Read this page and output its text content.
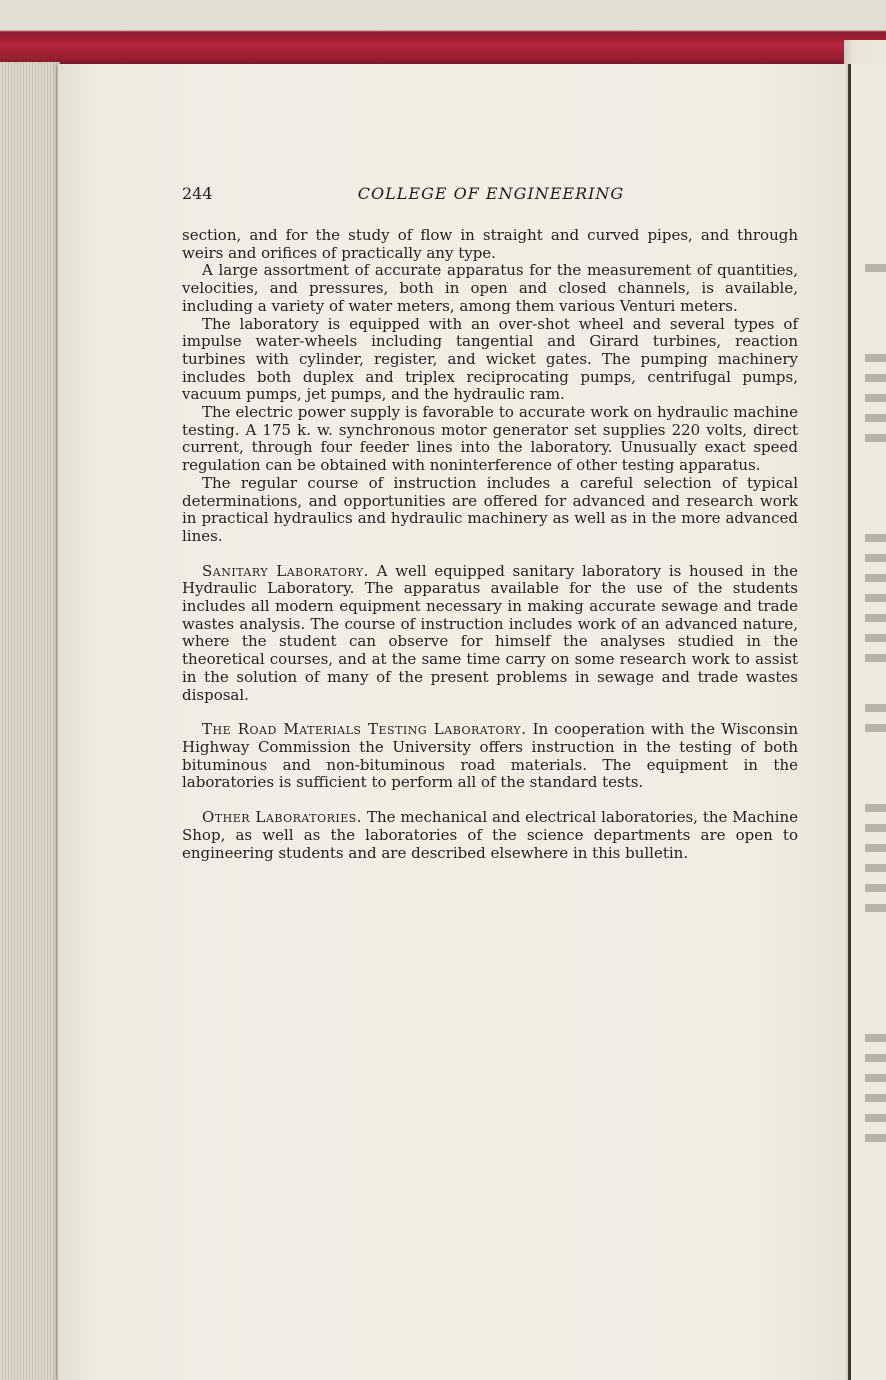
244	COLLEGE OF ENGINEERING

section, and for the study of flow in straight and curved pipes, and through weirs and orifices of practically any type.

A large assortment of accurate apparatus for the measurement of quantities, velocities, and pressures, both in open and closed channels, is available, including a variety of water meters, among them various Venturi meters.

The laboratory is equipped with an over-shot wheel and several types of impulse water-wheels including tangential and Girard turbines, reaction turbines with cylinder, register, and wicket gates. The pumping machinery includes both duplex and triplex reciprocating pumps, centrifugal pumps, vacuum pumps, jet pumps, and the hydraulic ram.

The electric power supply is favorable to accurate work on hydraulic machine testing. A 175 k. w. synchronous motor generator set supplies 220 volts, direct current, through four feeder lines into the laboratory. Unusually exact speed regulation can be obtained with noninterference of other testing apparatus.

The regular course of instruction includes a careful selection of typical determinations, and opportunities are offered for advanced and research work in practical hydraulics and hydraulic machinery as well as in the more advanced lines.

Sanitary Laboratory. A well equipped sanitary laboratory is housed in the Hydraulic Laboratory. The apparatus available for the use of the students includes all modern equipment necessary in making accurate sewage and trade wastes analysis. The course of instruction includes work of an advanced nature, where the student can observe for himself the analyses studied in the theoretical courses, and at the same time carry on some research work to assist in the solution of many of the present problems in sewage and trade wastes disposal.

The Road Materials Testing Laboratory. In cooperation with the Wisconsin Highway Commission the University offers instruction in the testing of both bituminous and non-bituminous road materials. The equipment in the laboratories is sufficient to perform all of the standard tests.

Other Laboratories. The mechanical and electrical laboratories, the Machine Shop, as well as the laboratories of the science departments are open to engineering students and are described elsewhere in this bulletin.
